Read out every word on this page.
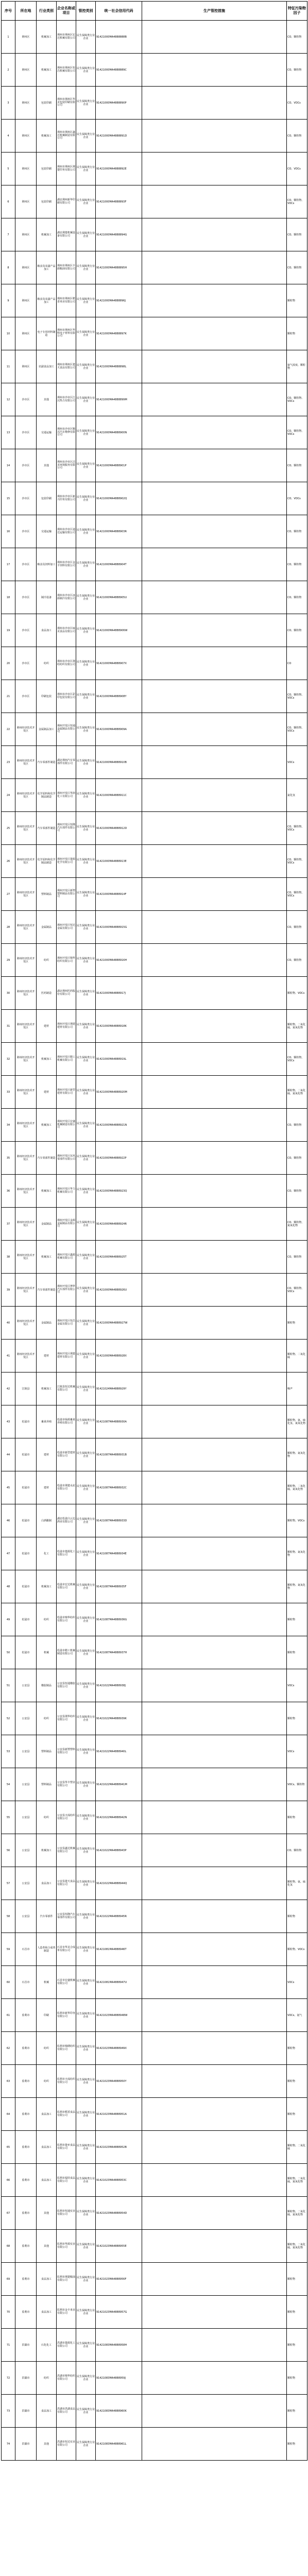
序号	所在地	行业类别	企业名称或项目	管控类别	统一社会信用代码	生产管控措施	特征污染物因子
1	荆州区	机械加工	荆州市荆州区宏达机械有限公司	民生保障类行业企业	91421000MA4888888B		CO、颗粒物
2	荆州区	机械加工	荆州市荆州区恒昌机械有限公司	民生保障类行业企业	91421000MA4888889C		CO、颗粒物
3	荆州区	包装印刷	荆州市荆州区华美包装印刷有限公司	民生保障类行业企业	91421000MA4888890P		CO、VOCs
4	荆州区	机械加工	荆州市荆州区鑫达机械制造有限公司	民生保障类行业企业	91421000MA4888891D		CO、颗粒物
5	荆州区	包装印刷	荆州市荆州区荆楚印务有限公司	民生保障类行业企业	91421000MA4888892E		CO、VOCs
6	荆州区	包装印刷	湖北荆州新华印刷有限公司	民生保障类行业企业	91421000MA4888893F		CO、颗粒物、VOCs
7	荆州区	机械加工	湖北荆楚机械设备有限公司	民生保障类行业企业	91421000MA4888894G		CO、颗粒物
8	荆州区	粮食及农副产品加工	荆州市荆州区丰源粮油有限公司	民生保障类行业企业	91421000MA4888895H		CO、颗粒物
9	荆州区	粮食及农副产品加工	荆州市荆州区稻香米业有限公司	民生保障类行业企业	91421000MA4888896J		颗粒物
10	荆州区	电子专用材料制造	荆州市荆州区华科电子材料有限公司	民生保障类行业企业	91421000MA4888897K		颗粒物
11	荆州区	农副食品加工	荆州市荆州区楚天食品有限公司	民生保障类行业企业	91421000MA4888898L		氨气浓度、颗粒物
12	沙市区	其他	荆州市沙市区江汉热力有限公司	民生保障类行业企业	91421000MA4888899M		CO、颗粒物、VOCs
13	沙市区	交通运输	荆州市沙市区顺达汽车维修有限公司	民生保障类行业企业	91421000MA4888900N		CO、颗粒物、VOCs
14	沙市区	其他	荆州市沙市区洁美环境服务有限公司	民生保障类行业企业	91421000MA4888901P		CO、颗粒物
15	沙市区	包装印刷	荆州市沙市区新兴印务有限公司	民生保障类行业企业	91421000MA4888902Q		CO、VOCs
16	沙市区	交通运输	荆州市沙市区通达运输有限公司	民生保障类行业企业	91421000MA4888903R		CO、颗粒物
17	沙市区	粮食及饲料加工	荆州市沙市区金丰饲料有限公司	民生保障类行业企业	91421000MA4888904T		CO、颗粒物
18	沙市区	制冷设备	荆州市沙市区冰源制冷有限公司	民生保障类行业企业	91421000MA4888905U		CO、颗粒物
19	沙市区	食品加工	荆州市沙市区味美食品有限公司	民生保障类行业企业	91421000MA4888906W		CO、颗粒物
20	沙市区	纺织	荆州市沙市区荆纺纺织有限公司	民生保障类行业企业	91421000MA4888907X		CO
21	沙市区	印刷包装	荆州市沙市区彩印包装有限公司	民生保障类行业企业	91421000MA4888908Y		CO、颗粒物、VOCs
22	荆州经济技术开发区	金属制品加工	荆州开发区恒通金属制品有限公司	民生保障类行业企业	91421000MA4888909A		CO、颗粒物、VOCs
23	荆州经济技术开发区	汽车零部件制造	湖北荆州汽车零部件有限公司	民生保障类行业企业	91421000MA4888910B		VOCs
24	荆州经济技术开发区	化学原料和化学制品制造	荆州开发区华润化工有限公司	民生保障类行业企业	91421000MA4888911C		氯化氢
25	荆州经济技术开发区	汽车零部件制造	荆州开发区恒隆汽车部件有限公司	民生保障类行业企业	91421000MA4888912D		CO、颗粒物、VOCs
26	荆州经济技术开发区	化学原料和化学制品制造	荆州开发区楚源化学有限公司	民生保障类行业企业	91421000MA4888913E		CO、颗粒物、VOCs
27	荆州经济技术开发区	塑料制品	荆州开发区新塑塑料制品有限公司	民生保障类行业企业	91421000MA4888914F		CO、颗粒物、VOCs
28	荆州经济技术开发区	金属制品	荆州开发区恒达金属有限公司	民生保障类行业企业	91421000MA4888915G		CO、颗粒物
29	荆州经济技术开发区	纺织	荆州开发区锦华纺织有限公司	民生保障类行业企业	91421000MA4888916H		CO、颗粒物
30	荆州经济技术开发区	医药制造	湖北荆州医药股份有限公司	民生保障类行业企业	91421000MA4888917J		颗粒物、VOCs
31	荆州经济技术开发区	建材	荆州开发区荆建建材有限公司	民生保障类行业企业	91421000MA4888918K		颗粒物、二氧化硫、氮氧化物
32	荆州经济技术开发区	机械加工	荆州开发区精工机械有限公司	民生保障类行业企业	91421000MA4888919L		CO、颗粒物、VOCs
33	荆州经济技术开发区	建材	荆州开发区新型建材有限公司	民生保障类行业企业	91421000MA4888920M		颗粒物、二氧化硫、氮氧化物
34	荆州经济技术开发区	机械加工	荆州开发区宏盛机械制造有限公司	民生保障类行业企业	91421000MA4888921N		CO、颗粒物
35	荆州经济技术开发区	汽车零部件制造	荆州开发区东风零部件有限公司	民生保障类行业企业	91421000MA4888922P		CO、颗粒物
36	荆州经济技术开发区	机械加工	荆州开发区华力机械有限公司	民生保障类行业企业	91421000MA4888923Q		CO、颗粒物
37	荆州经济技术开发区	金属制品	荆州开发区金源金属制品有限公司	民生保障类行业企业	91421000MA4888924R		CO、颗粒物、氮氧化物
38	荆州经济技术开发区	机械加工	荆州开发区鑫源机械有限公司	民生保障类行业企业	91421000MA4888925T		CO、颗粒物
39	荆州经济技术开发区	汽车零部件制造	荆州开发区博世汽车部件有限公司	民生保障类行业企业	91421000MA4888926U		CO、颗粒物、VOCs
40	荆州经济技术开发区	金属制品	荆州开发区恒昌金属有限公司	民生保障类行业企业	91421000MA4888927W		颗粒物
41	荆州经济技术开发区	建材	荆州开发区荆楚建材有限公司	民生保障类行业企业	91421000MA4888928X		颗粒物、二氧化硫
42	江陵县	机械加工	江陵县恒达机械有限公司	民生保障类行业企业	91421024MA4888929Y		噪声
43	松滋市	畜禽养殖	松滋市绿源畜禽养殖有限公司	民生保障类行业企业	91421087MA4888930A		颗粒物、氨、硫化氢、氮氧化物
44	松滋市	建材	松滋市新型建材有限公司	民生保障类行业企业	91421087MA4888931B		颗粒物、氮氧化物
45	松滋市	建材	松滋市荆楚水泥有限公司	民生保障类行业企业	91421087MA4888932C		颗粒物、二氧化硫、氮氧化物
46	松滋市	白酒酿制	湖北松滋白云边酒业有限公司	民生保障类行业企业	91421087MA4888933D		颗粒物、VOCs
47	松滋市	化工	松滋市楚源化工有限公司	民生保障类行业企业	91421087MA4888934E		颗粒物、氮氧化物
48	松滋市	机械加工	松滋市宏达机械有限公司	民生保障类行业企业	91421087MA4888935F		颗粒物、氮氧化物
49	松滋市	纺织	松滋市锦华纺织有限公司	民生保障类行业企业	91421087MA4888936G		颗粒物
50	松滋市	机械	松滋市精工机械制造有限公司	民生保障类行业企业	91421087MA4888937H		颗粒物
51	公安县	橡胶制品	公安县恒通橡胶有限公司	民生保障类行业企业	91421022MA4888938J		VOCs
52	公安县	纺织	公安县荆华纺织有限公司	民生保障类行业企业	91421022MA4888939K		颗粒物
53	公安县	塑料制品	公安县新塑塑料有限公司	民生保障类行业企业	91421022MA4888940L		VOCs
54	公安县	塑料制品	公安县华丰塑业有限公司	民生保障类行业企业	91421022MA4888941M		VOCs、颗粒物
55	公安县	纺织	公安县天成纺织有限公司	民生保障类行业企业	91421022MA4888942N		颗粒物
56	公安县	机械加工	公安县鑫达机械有限公司	民生保障类行业企业	91421022MA4888943P		CO、颗粒物
57	公安县	食品加工	公安县楚天食品有限公司	民生保障类行业企业	91421022MA4888944Q		颗粒物、氨、硫化氢
58	公安县	汽车零部件	公安县恒隆汽车零部件有限公司	民生保障类行业企业	91421022MA4888945R		颗粒物
59	石首市	人造革和合成革制造	石首市华美合成革有限公司	民生保障类行业企业	91421081MA4888946T		颗粒物、VOCs
60	石首市	机械	石首市宏盛机械有限公司	民生保障类行业企业	91421081MA4888947U		VOCs
61	监利市	印刷	监利市新华印务有限公司	民生保障类行业企业	91421023MA4888948W		VOCs、氨气
62	监利市	纺织	监利市锦绣纺织有限公司	民生保障类行业企业	91421023MA4888949X		颗粒物
63	监利市	纺织	监利市天成纺织有限公司	民生保障类行业企业	91421023MA4888950Y		颗粒物
64	监利市	食品加工	监利市稻香食品有限公司	民生保障类行业企业	91421023MA4888951A		颗粒物
65	监利市	食品加工	监利市楚乡食品有限公司	民生保障类行业企业	91421023MA4888952B		颗粒物、二氧化硫
66	监利市	食品加工	监利市福娃食品有限公司	民生保障类行业企业	91421023MA4888953C		颗粒物、二氧化硫、氮氧化物
67	监利市	其他	监利市恒通实业有限公司	民生保障类行业企业	91421023MA4888954D		颗粒物、二氧化硫、氮氧化物
68	监利市	其他	监利市华源实业有限公司	民生保障类行业企业	91421023MA4888955E		颗粒物、二氧化硫、氮氧化物
69	监利市	食品加工	监利市荆楚粮油有限公司	民生保障类行业企业	91421023MA4888956F		颗粒物
70	监利市	食品加工	监利市金丰米业有限公司	民生保障类行业企业	91421023MA4888957G		颗粒物
71	洪湖市	石化化工	洪湖市楚源化工有限公司	民生保障类行业企业	91421083MA4888958H		颗粒物
72	洪湖市	纺织	洪湖市锦华纺织有限公司	民生保障类行业企业	91421083MA4888959J		颗粒物
73	洪湖市	食品加工	洪湖市洪湖食品有限公司	民生保障类行业企业	91421083MA4888960K		颗粒物
74	洪湖市	其他	洪湖市恒达实业有限公司	民生保障类行业企业	91421083MA4888961L		颗粒物
